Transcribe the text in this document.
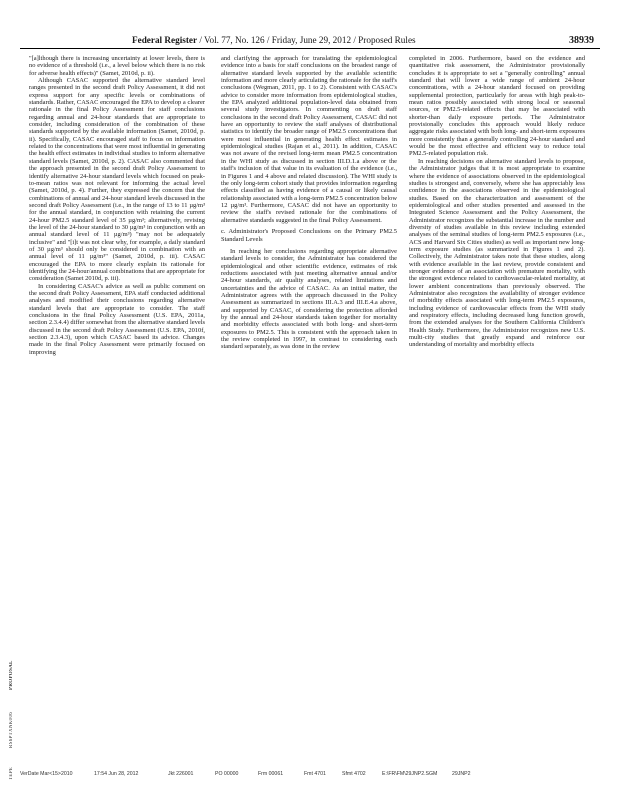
Federal Register / Vol. 77, No. 126 / Friday, June 29, 2012 / Proposed Rules	38939

"[a]lthough there is increasing uncertainty at lower levels, there is no evidence of a threshold (i.e., a level below which there is no risk for adverse health effects)" (Samet, 2010d, p. ii).

Although CASAC supported the alternative standard level ranges presented in the second draft Policy Assessment, it did not express support for any specific levels or combinations of standards. Rather, CASAC encouraged the EPA to develop a clearer rationale in the final Policy Assessment for staff conclusions regarding annual and 24-hour standards that are appropriate to consider, including consideration of the combination of these standards supported by the available information (Samet, 2010d, p. ii). Specifically, CASAC encouraged staff to focus on information related to the concentrations that were most influential in generating the health effect estimates in individual studies to inform alternative standard levels (Samet, 2010d, p. 2). CASAC also commented that the approach presented in the second draft Policy Assessment to identify alternative 24-hour standard levels which focused on peak-to-mean ratios was not relevant for informing the actual level (Samet, 2010d, p. 4). Further, they expressed the concern that the combinations of annual and 24-hour standard levels discussed in the second draft Policy Assessment (i.e., in the range of 13 to 11 µg/m³ for the annual standard, in conjunction with retaining the current 24-hour PM2.5 standard level of 35 µg/m³; alternatively, revising the level of the 24-hour standard to 30 µg/m³ in conjunction with an annual standard level of 11 µg/m³) "may not be adequately inclusive" and "[i]t was not clear why, for example, a daily standard of 30 µg/m³ should only be considered in combination with an annual level of 11 µg/m³" (Samet, 2010d, p. iii). CASAC encouraged the EPA to more clearly explain its rationale for identifying the 24-hour/annual combinations that are appropriate for consideration (Samet 2010d, p. iii).

In considering CASAC's advice as well as public comment on the second draft Policy Assessment, EPA staff conducted additional analyses and modified their conclusions regarding alternative standard levels that are appropriate to consider. The staff conclusions in the final Policy Assessment (U.S. EPA, 2011a, section 2.3.4.4) differ somewhat from the alternative standard levels discussed in the second draft Policy Assessment (U.S. EPA, 2010f, section 2.3.4.3), upon which CASAC based its advice. Changes made in the final Policy Assessment were primarily focused on improving

and clarifying the approach for translating the epidemiological evidence into a basis for staff conclusions on the broadest range of alternative standard levels supported by the available scientific information and more clearly articulating the rationale for the staff's conclusions (Wegman, 2011, pp. 1 to 2). Consistent with CASAC's advice to consider more information from epidemiological studies, the EPA analyzed additional population-level data obtained from several study investigators. In commenting on draft staff conclusions in the second draft Policy Assessment, CASAC did not have an opportunity to review the staff analyses of distributional statistics to identify the broader range of PM2.5 concentrations that were most influential in generating health effect estimates in epidemiological studies (Rajan et al., 2011). In addition, CASAC was not aware of the revised long-term mean PM2.5 concentration in the WHI study as discussed in section III.D.1.a above or the staff's inclusion of that value in its evaluation of the evidence (i.e., in Figures 1 and 4 above and related discussion). The WHI study is the only long-term cohort study that provides information regarding effects classified as having evidence of a causal or likely causal relationship associated with a long-term PM2.5 concentration below 12 µg/m³. Furthermore, CASAC did not have an opportunity to review the staff's revised rationale for the combinations of alternative standards suggested in the final Policy Assessment.

c. Administrator's Proposed Conclusions on the Primary PM2.5 Standard Levels

In reaching her conclusions regarding appropriate alternative standard levels to consider, the Administrator has considered the epidemiological and other scientific evidence, estimates of risk reductions associated with just meeting alternative annual and/or 24-hour standards, air quality analyses, related limitations and uncertainties and the advice of CASAC. As an initial matter, the Administrator agrees with the approach discussed in the Policy Assessment as summarized in sections III.A.3 and III.E.4.a above, and supported by CASAC, of considering the protection afforded by the annual and 24-hour standards taken together for mortality and morbidity effects associated with both long- and short-term exposures to PM2.5. This is consistent with the approach taken in the review completed in 1997, in contrast to considering each standard separately, as was done in the review

completed in 2006. Furthermore, based on the evidence and quantitative risk assessment, the Administrator provisionally concludes it is appropriate to set a "generally controlling" annual standard that will lower a wide range of ambient 24-hour concentrations, with a 24-hour standard focused on providing supplemental protection, particularly for areas with high peak-to-mean ratios possibly associated with strong local or seasonal sources, or PM2.5-related effects that may be associated with shorter-than daily exposure periods. The Administrator provisionally concludes this approach would likely reduce aggregate risks associated with both long- and short-term exposures more consistently than a generally controlling 24-hour standard and would be the most effective and efficient way to reduce total PM2.5-related population risk.

In reaching decisions on alternative standard levels to propose, the Administrator judges that it is most appropriate to examine where the evidence of associations observed in the epidemiological studies is strongest and, conversely, where she has appreciably less confidence in the associations observed in the epidemiological studies. Based on the characterization and assessment of the epidemiological and other studies presented and assessed in the Integrated Science Assessment and the Policy Assessment, the Administrator recognizes the substantial increase in the number and diversity of studies available in this review including extended analyses of the seminal studies of long-term PM2.5 exposures (i.e., ACS and Harvard Six Cities studies) as well as important new long-term exposure studies (as summarized in Figures 1 and 2). Collectively, the Administrator takes note that these studies, along with evidence available in the last review, provide consistent and stronger evidence of an association with premature mortality, with the strongest evidence related to cardiovascular-related mortality, at lower ambient concentrations than previously observed. The Administrator also recognizes the availability of stronger evidence of morbidity effects associated with long-term PM2.5 exposures, including evidence of cardiovascular effects from the WHI study and respiratory effects, including decreased lung function growth, from the extended analyses for the Southern California Children's Health Study. Furthermore, the Administrator recognizes new U.S. multi-city studies that greatly expand and reinforce our understanding of mortality and morbidity effects

PROPOSAL
RS6PTXNK006
TEPE VerDate Mar<15>2010	17:54 Jun 28, 2012	Jkt 226001	PO 00000	Frm 00061	Fmt 4701	Sfmt 4702	E:\FR\FM\29JNP2.SGM	29JNP2
